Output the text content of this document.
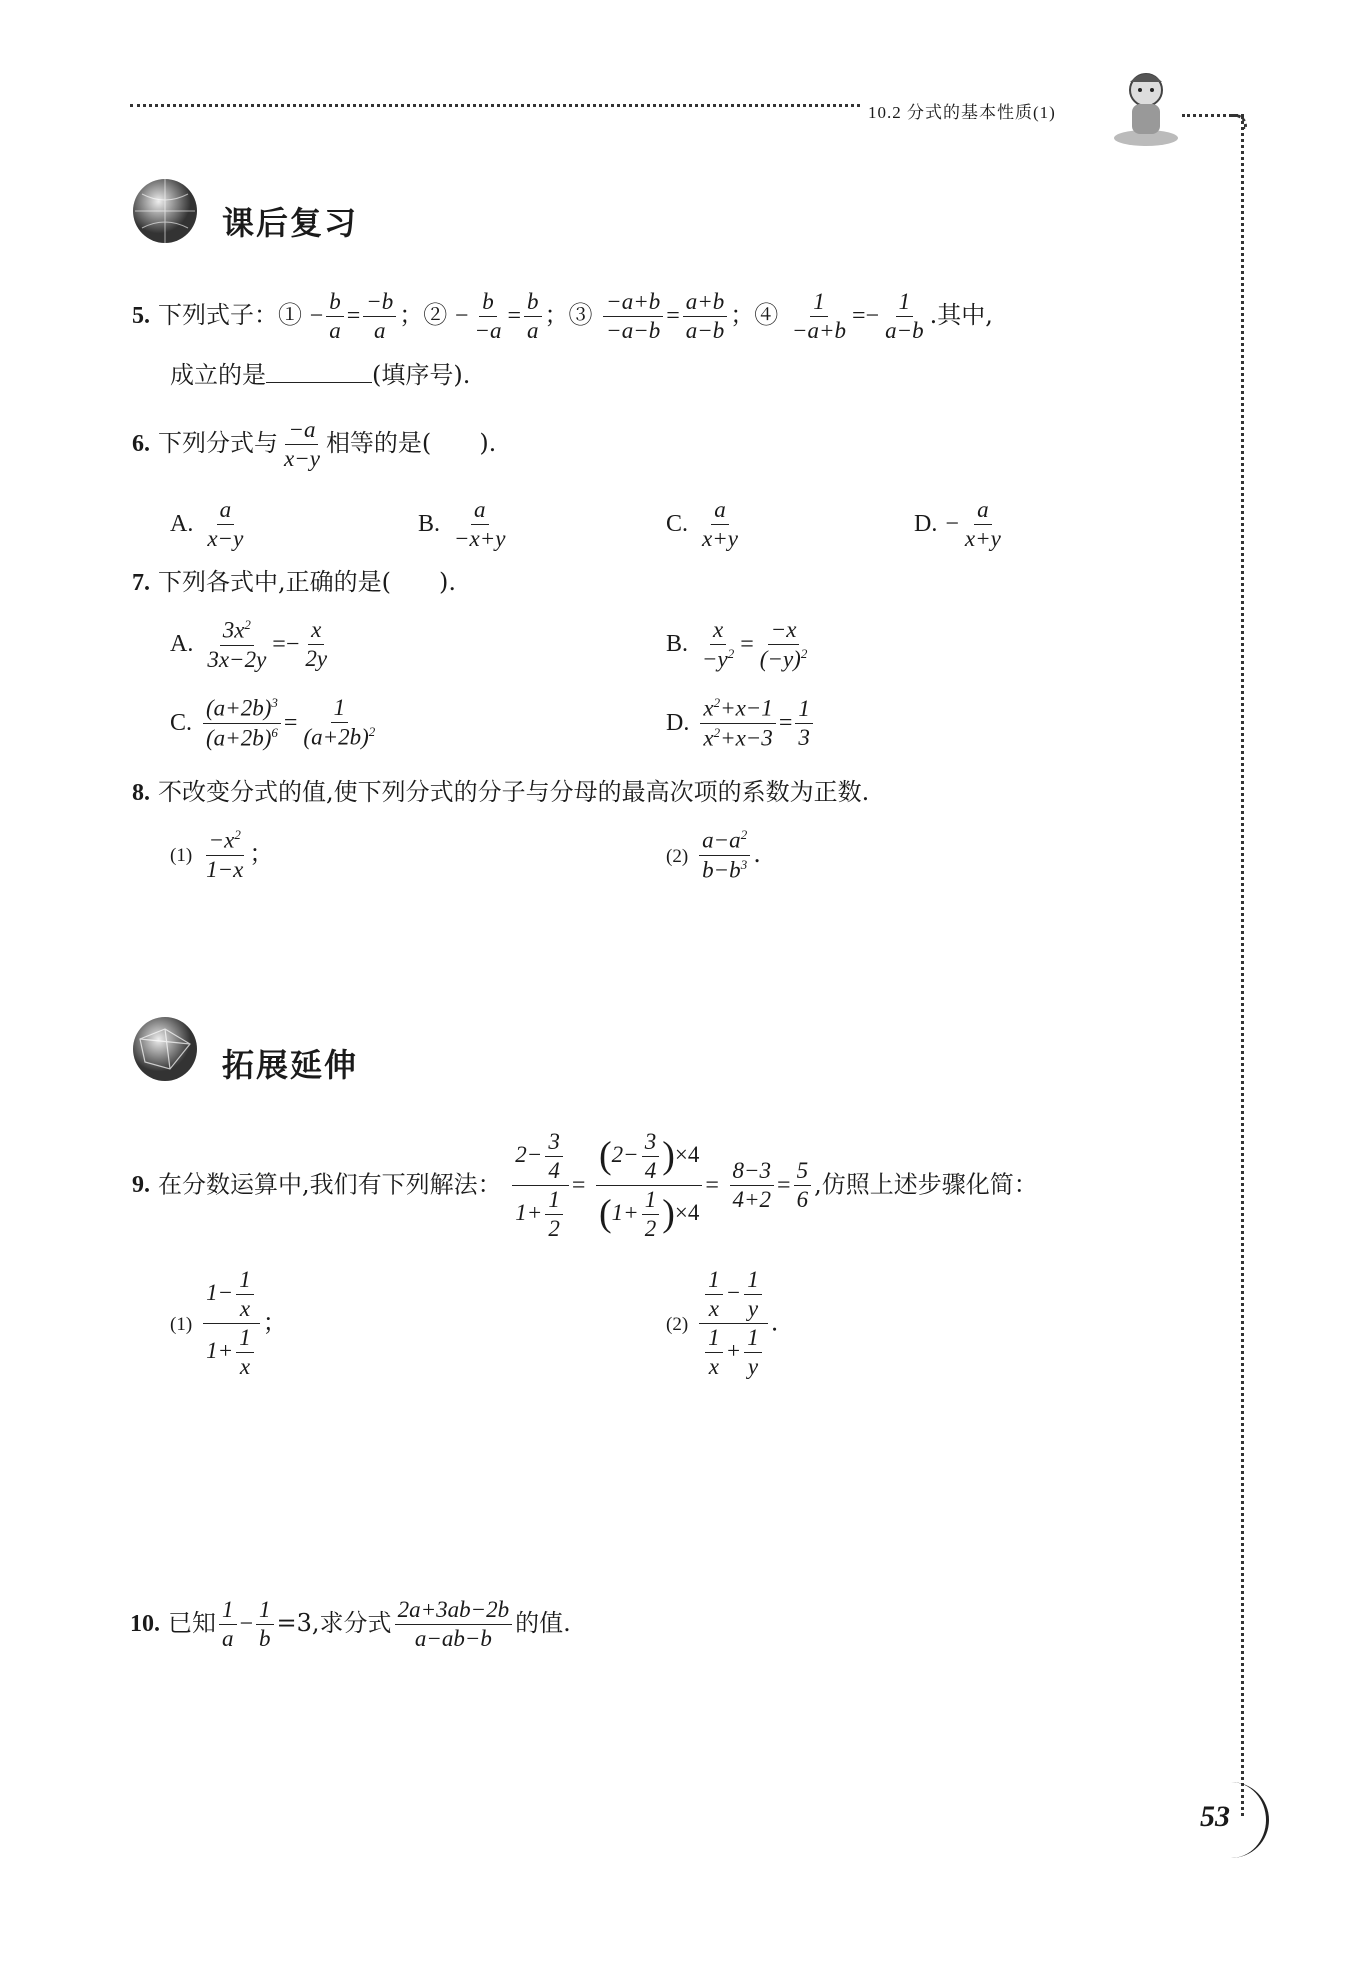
10.2 分式的基本性质(1)
课后复习
5. 下列式子：① − $\frac{b}{a} = \frac{-b}{a}$ ；② − $\frac{b}{-a} = \frac{b}{a}$ ；③ $\frac{-a+b}{-a-b} = \frac{a+b}{a-b}$ ；④ $\frac{1}{-a+b} =- \frac{1}{a-b}$ .其中,
成立的是	(填序号).
6. 下列分式与 $\frac{-a}{x-y}$ 相等的是( ).
A. $\frac{a}{x-y}$	B. $\frac{a}{-x+y}$	C. $\frac{a}{x+y}$	D. − $\frac{a}{x+y}$
7. 下列各式中,正确的是( ).
A. $\frac{3x^2}{3x-2y} =- \frac{x}{2y}$	B. $\frac{x}{-y^2} = \frac{-x}{(-y)^2}$
C. $\frac{(a+2b)^3}{(a+2b)^6} = \frac{1}{(a+2b)^2}$	D. $\frac{x^2+x-1}{x^2+x-3} = \frac{1}{3}$
8. 不改变分式的值,使下列分式的分子与分母的最高次项的系数为正数.
$(1) \frac{-x^2}{1-x}$ ；	$(2) \frac{a-a^2}{b-b^3}$ .
拓展延伸
9. 在分数运算中,我们有下列解法： $\frac{2- \frac{3}{4}}{1+ \frac{1}{2}} = \frac{(2- \frac{3}{4} )\times 4}{(1+ \frac{1}{2} )\times 4} = \frac{8-3}{4+2} = \frac{5}{6}$ ,仿照上述步骤化简：
$(1) \frac{1- \frac{1}{x}}{1+ \frac{1}{x}}$ ；	$(2) \frac{\frac{1}{x} - \frac{1}{y}}{\frac{1}{x} + \frac{1}{y}}$ .
10. 已知 $\frac{1}{a} - \frac{1}{b} =3$,求分式 $\frac{2a+3ab-2b}{a-ab-b}$ 的值.
53
